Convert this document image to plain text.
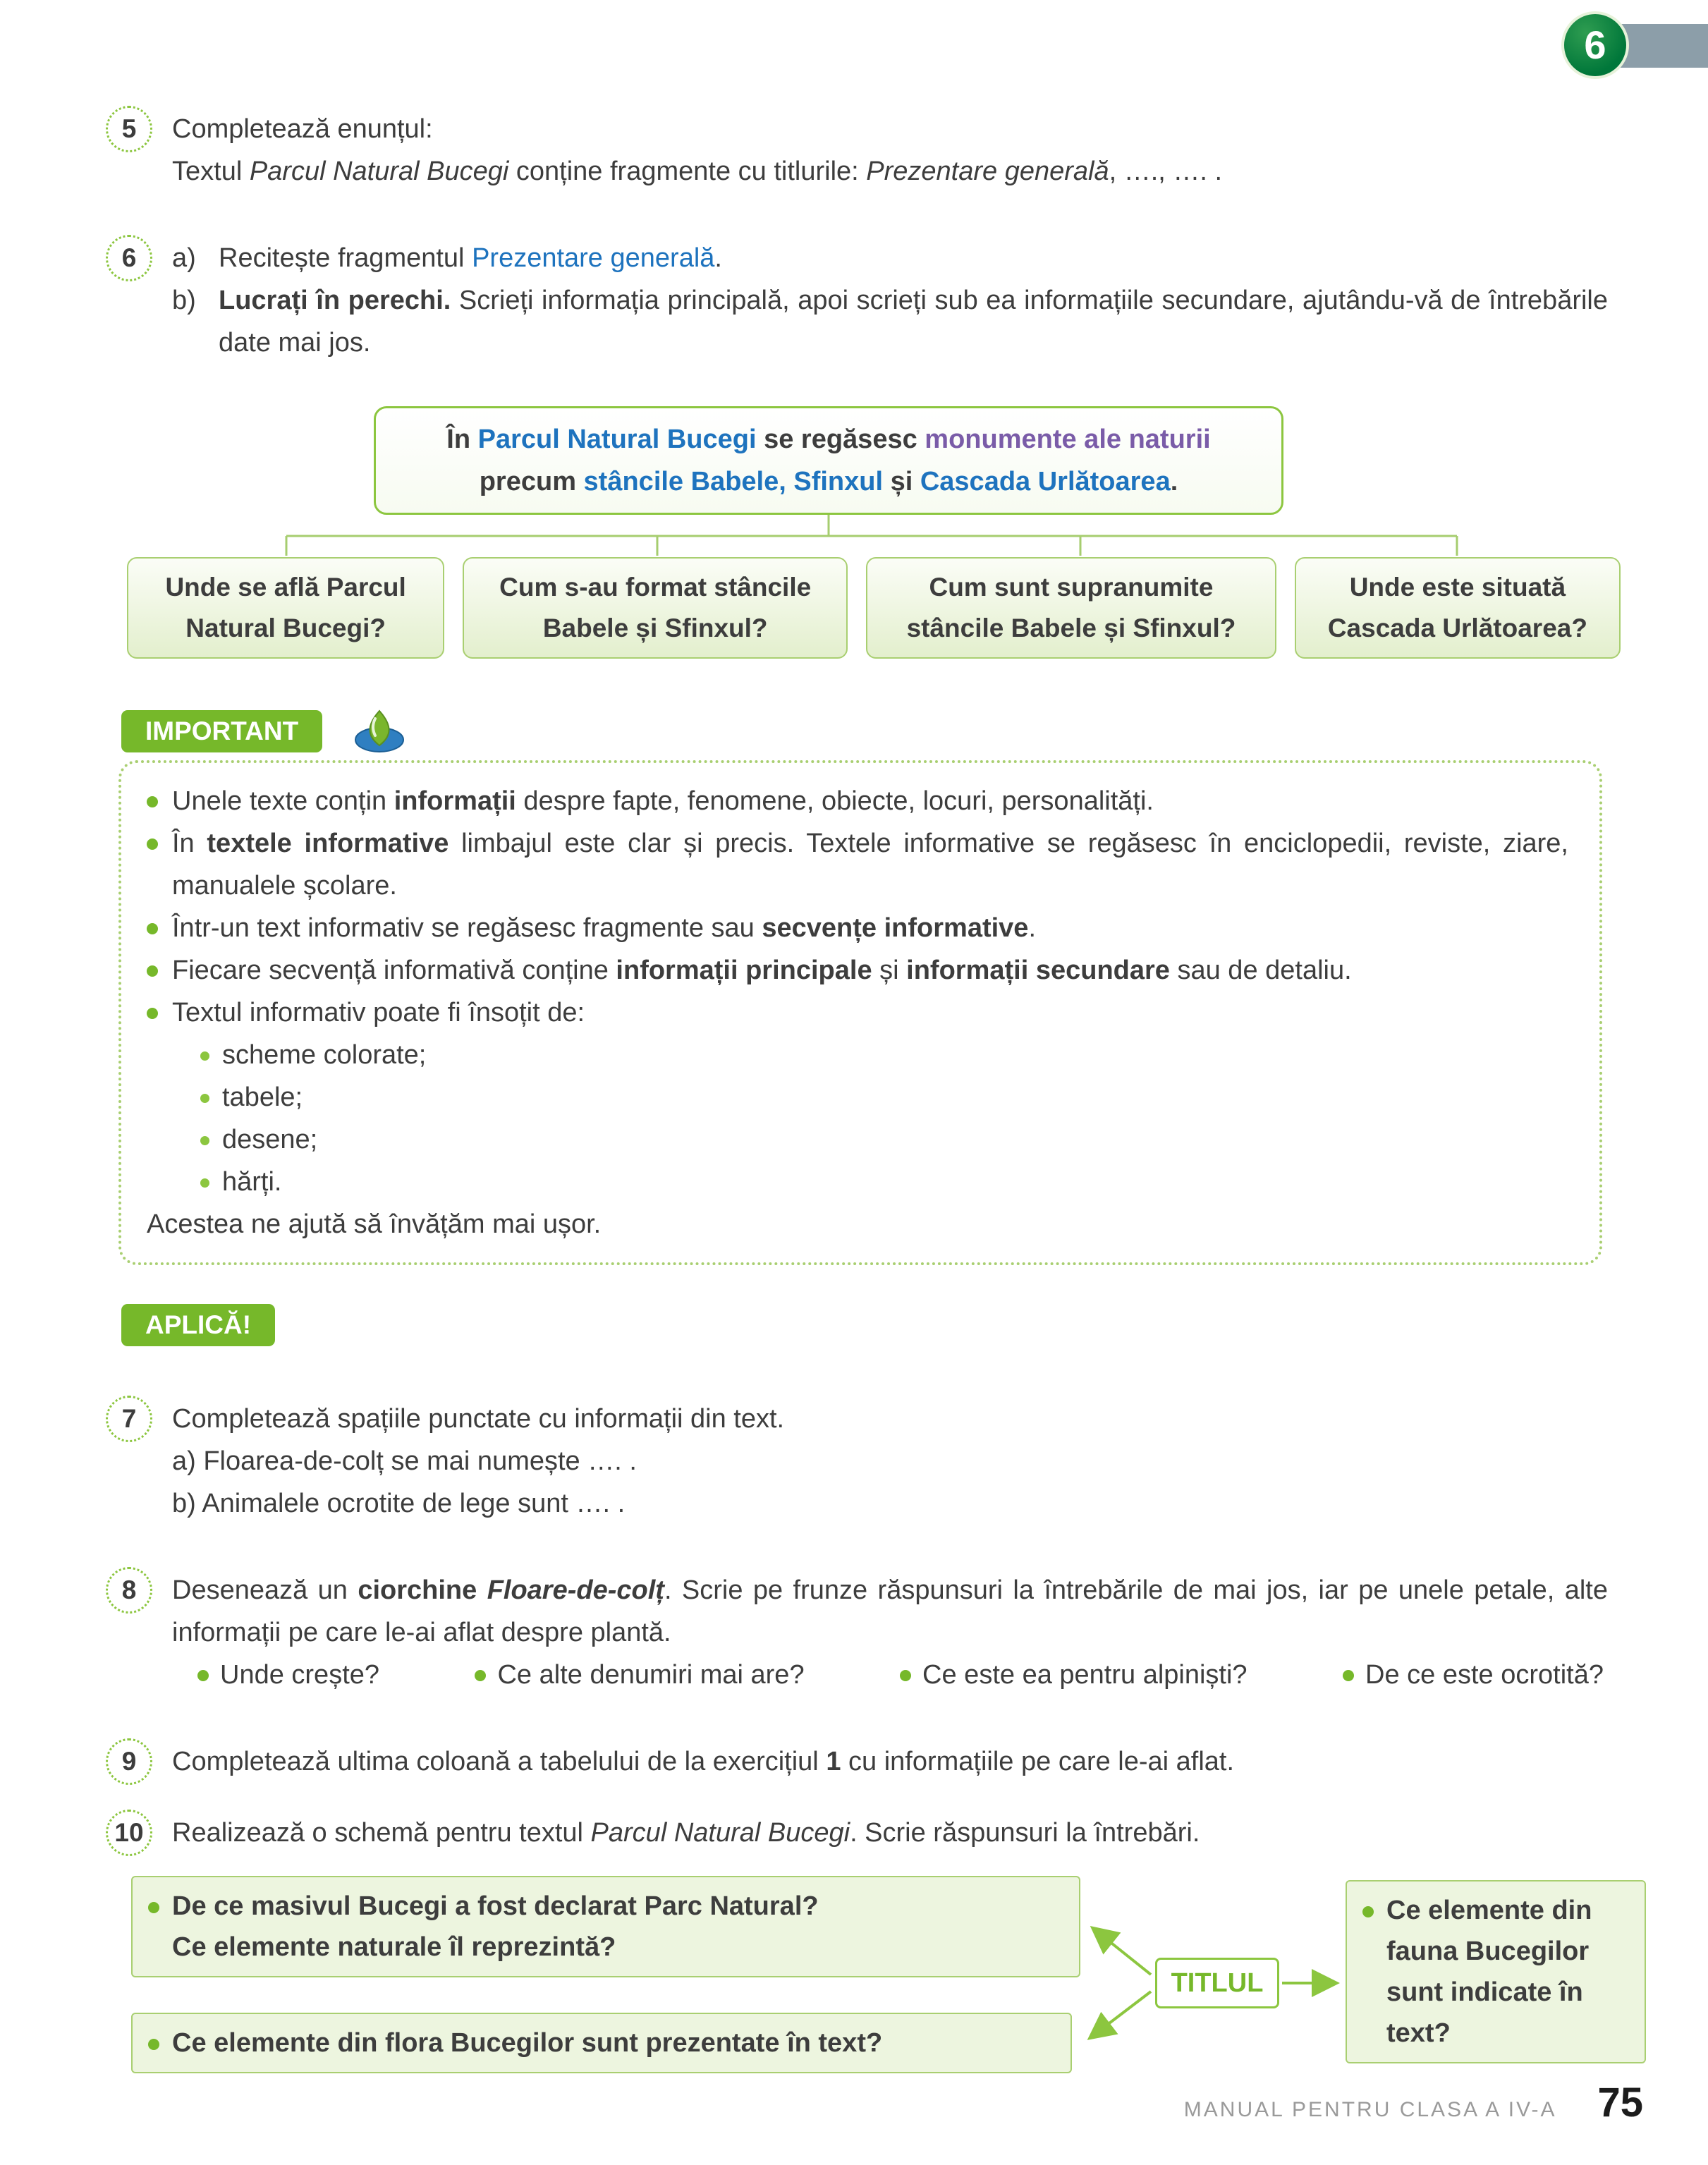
6
5 Completează enunțul:
Textul Parcul Natural Bucegi conține fragmente cu titlurile: Prezentare generală, …., …. .
6 a) Recitește fragmentul Prezentare generală.
b) Lucrați în perechi. Scrieți informația principală, apoi scrieți sub ea informațiile secundare, ajutându-vă de întrebările date mai jos.
În Parcul Natural Bucegi se regăsesc monumente ale naturii
precum stâncile Babele, Sfinxul și Cascada Urlătoarea.
Unde se află Parcul
Natural Bucegi?
Cum s-au format stâncile
Babele și Sfinxul?
Cum sunt supranumite
stâncile Babele și Sfinxul?
Unde este situată
Cascada Urlătoarea?
IMPORTANT
Unele texte conțin informații despre fapte, fenomene, obiecte, locuri, personalități.
În textele informative limbajul este clar și precis. Textele informative se regăsesc în enciclopedii, reviste, ziare, manualele școlare.
Într-un text informativ se regăsesc fragmente sau secvențe informative.
Fiecare secvență informativă conține informații principale și informații secundare sau de detaliu.
Textul informativ poate fi însoțit de:
scheme colorate;
tabele;
desene;
hărți.
Acestea ne ajută să învățăm mai ușor.
APLICĂ!
7 Completează spațiile punctate cu informații din text.
a) Floarea-de-colț se mai numește …. .
b) Animalele ocrotite de lege sunt …. .
8 Desenează un ciorchine Floare-de-colț. Scrie pe frunze răspunsuri la întrebările de mai jos, iar pe unele petale, alte informații pe care le-ai aflat despre plantă.
Unde crește?	Ce alte denumiri mai are?	Ce este ea pentru alpiniști?	De ce este ocrotită?
9 Completează ultima coloană a tabelului de la exercițiul 1 cu informațiile pe care le-ai aflat.
10 Realizează o schemă pentru textul Parcul Natural Bucegi. Scrie răspunsuri la întrebări.
De ce masivul Bucegi a fost declarat Parc Natural?
Ce elemente naturale îl reprezintă?
Ce elemente din flora Bucegilor sunt prezentate în text?
TITLUL
Ce elemente din fauna Bucegilor sunt indicate în text?
MANUAL PENTRU CLASA A IV-A 75
